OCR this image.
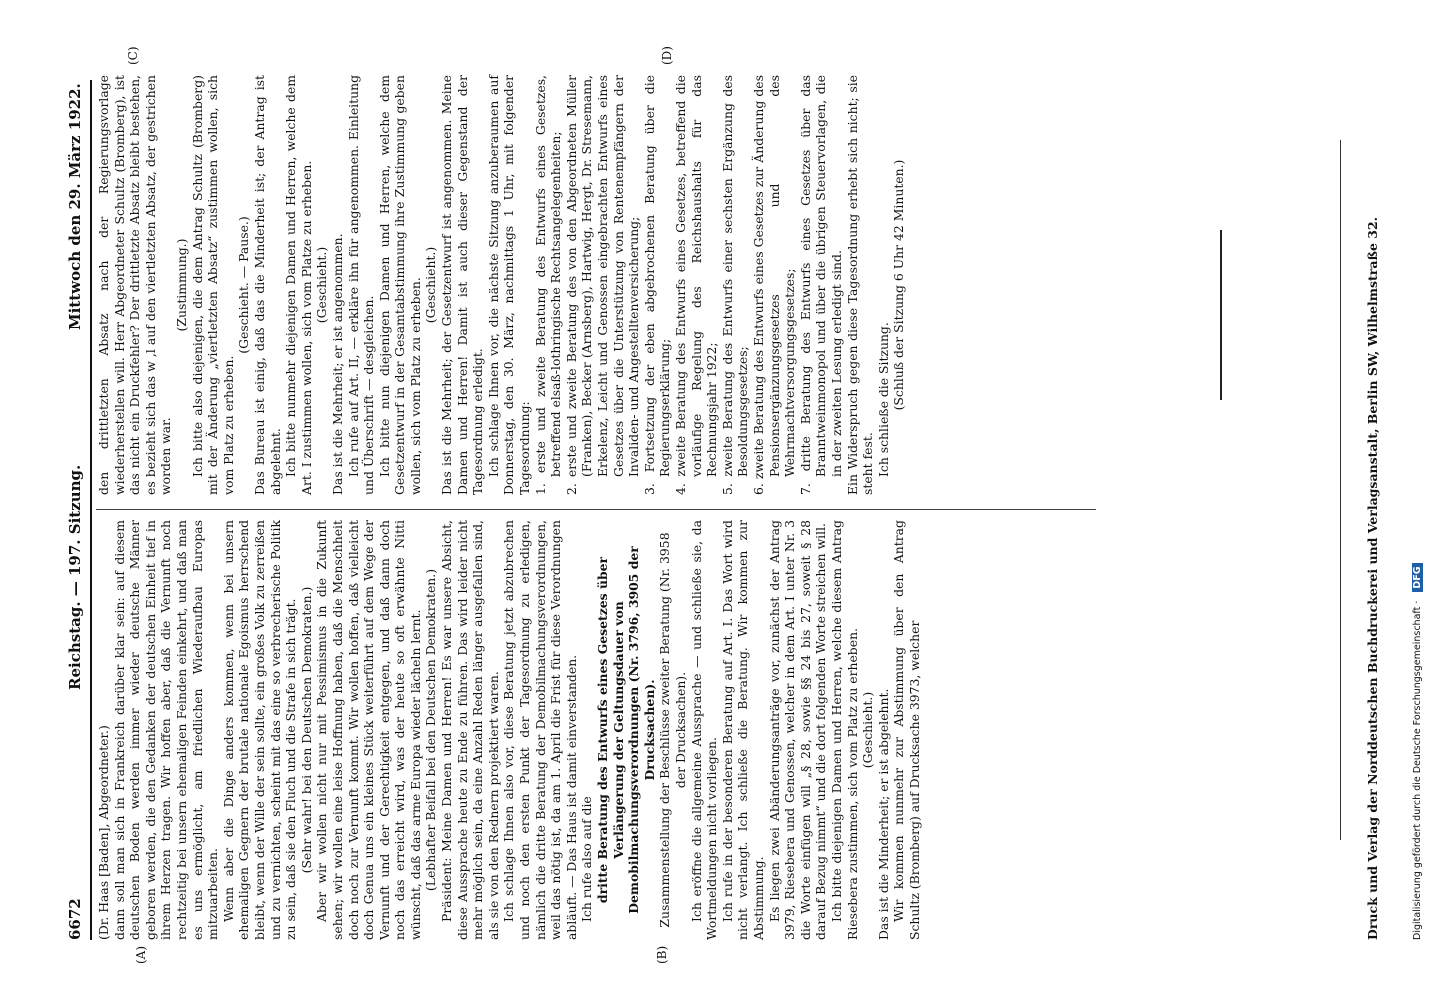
6672
Reichstag. — 197. Sitzung.
Mittwoch den 29. März 1922.
(A)	(B)
(C)	(D)

(Dr. Haas [Baden], Abgeordneter.) dann soll man sich in Frankreich darüber klar sein: auf diesem deutschen Boden werden immer wieder deutsche Männer geboren werden, die den Gedanken der deutschen Einheit tief in ihrem Herzen tragen. Wir hoffen aber, daß die Vernunft noch rechtzeitig bei unsern ehemaligen Feinden einkehrt, und daß man es uns ermöglicht, am friedlichen Wiederaufbau Europas mitzuarbeiten. Wenn aber die Dinge anders kommen, wenn bei unsern ehemaligen Gegnern der brutale nationale Egoismus herrschend bleibt, wenn der Wille der sein sollte, ein großes Volk zu zerreißen und zu vernichten, scheint mit das eine so verbrecherische Politik zu sein, daß sie den Fluch und die Strafe in sich trägt. (Sehr wahr! bei den Deutschen Demokraten.) Aber wir wollen nicht nur mit Pessimismus in die Zukunft sehen; wir wollen eine leise Hoffnung haben, daß die Menschheit doch noch zur Vernunft kommt. Wir wollen hoffen, daß vielleicht doch Genua uns ein kleines Stück weiterführt auf dem Wege der Vernunft und der Gerechtigkeit entgegen, und daß dann doch noch das erreicht wird, was der heute so oft erwähnte Nitti wünscht, daß das arme Europa wieder lächeln lernt. (Lebhafter Beifall bei den Deutschen Demokraten.) Präsident: Meine Damen und Herren! Es war unsere Absicht, diese Aussprache heute zu Ende zu führen. Das wird leider nicht mehr möglich sein, da eine Anzahl Reden länger ausgefallen sind, als sie von den Rednern projektiert waren. Ich schlage Ihnen also vor, diese Beratung jetzt abzubrechen und noch den ersten Punkt der Tagesordnung zu erledigen, nämlich die dritte Beratung der Demobilmachungsverordnungen, weil das nötig ist, da am 1. April die Frist für diese Verordnungen abläuft. — Das Haus ist damit einverstanden. Ich rufe also auf die dritte Beratung des Entwurfs eines Gesetzes über Verlängerung der Geltungsdauer von Demobilmachungsverordnungen (Nr. 3796, 3905 der Drucksachen). Zusammenstellung der Beschlüsse zweiter Beratung (Nr. 3958 der Drucksachen). Ich eröffne die allgemeine Aussprache — und schließe sie, da Wortmeldungen nicht vorliegen. Ich rufe in der besonderen Beratung auf Art. I. Das Wort wird nicht verlangt. Ich schließe die Beratung. Wir kommen zur Abstimmung. Es liegen zwei Abänderungsanträge vor, zunächst der Antrag 3979, Riesebera und Genossen, welcher in dem Art. I unter Nr. 3 die Worte einfügen will „§ 28, sowie §§ 24 bis 27, soweit § 28 darauf Bezug nimmt“ und die dort folgenden Worte streichen will. Ich bitte diejenigen Damen und Herren, welche diesem Antrag Riesebera zustimmen, sich vom Platz zu erheben. (Geschieht.) Das ist die Minderheit; er ist abgelehnt. Wir kommen nunmehr zur Abstimmung über den Antrag Schultz (Bromberg) auf Drucksache 3973, welcher

den drittletzten Absatz nach der Regierungsvorlage wiederherstellen will. Herr Abgeordneter Schultz (Bromberg), ist das nicht ein Druckfehler? Der drittletzte Absatz bleibt bestehen, es bezieht sich das w ,l auf den viertletzten Absatz, der gestrichen worden war.

(Zustimmung.) Ich bitte also diejenigen, die dem Antrag Schultz (Bromberg) mit der Änderung „viertletzten Absatz“ zustimmen wollen, sich vom Platz zu erheben.

(Geschieht. — Pause.) Das Bureau ist einig, daß das die Minderheit ist; der Antrag ist abgelehnt. Ich bitte nunmehr diejenigen Damen und Herren, welche dem Art. I zustimmen wollen, sich vom Platze zu erheben. (Geschieht.) Das ist die Mehrheit; er ist angenommen. Ich rufe auf Art. II, — erkläre ihn für angenommen. Einleitung und Überschrift — desgleichen. Ich bitte nun diejenigen Damen und Herren, welche dem Gesetzentwurf in der Gesamtabstimmung ihre Zustimmung geben wollen, sich vom Platz zu erheben. (Geschieht.) Das ist die Mehrheit; der Gesetzentwurf ist angenommen. Meine Damen und Herren! Damit ist auch dieser Gegenstand der Tagesordnung erledigt. Ich schlage Ihnen vor, die nächste Sitzung anzuberaumen auf Donnerstag, den 30. März, nachmittags 1 Uhr, mit folgender Tagesordnung: 1. erste und zweite Beratung des Entwurfs eines Gesetzes, betreffend elsaß-lothringische Rechtsangelegenheiten; 2. erste und zweite Beratung des von den Abgeordneten Müller (Franken), Becker (Arnsberg), Hartwig, Hergt, Dr. Stresemann, Erkelenz, Leicht und Genossen eingebrachten Entwurfs eines Gesetzes über die Unterstützung von Rentenempfängern der Invaliden- und Angestelltenversicherung; 3. Fortsetzung der eben abgebrochenen Beratung über die Regierungserklärung; 4. zweite Beratung des Entwurfs eines Gesetzes, betreffend die vorläufige Regelung des Reichshaushalts für das Rechnungsjahr 1922; 5. zweite Beratung des Entwurfs einer sechsten Ergänzung des Besoldungsgesetzes; 6. zweite Beratung des Entwurfs eines Gesetzes zur Änderung des Pensionsergänzungsgesetzes und des Wehrmachtversorgungsgesetzes; 7. dritte Beratung des Entwurfs eines Gesetzes über das Branntweinmonopol und über die übrigen Steuervorlagen, die in der zweiten Lesung erledigt sind. Ein Widerspruch gegen diese Tagesordnung erhebt sich nicht; sie steht fest. Ich schließe die Sitzung. (Schluß der Sitzung 6 Uhr 42 Minuten.)	Druck und Verlag der Norddeutschen Buchdruckerei und Verlagsanstalt, Berlin SW, Wilhelmstraße 32.	Digitalisierung gefördert durch die Deutsche Forschungsgemeinschaft · DFG
